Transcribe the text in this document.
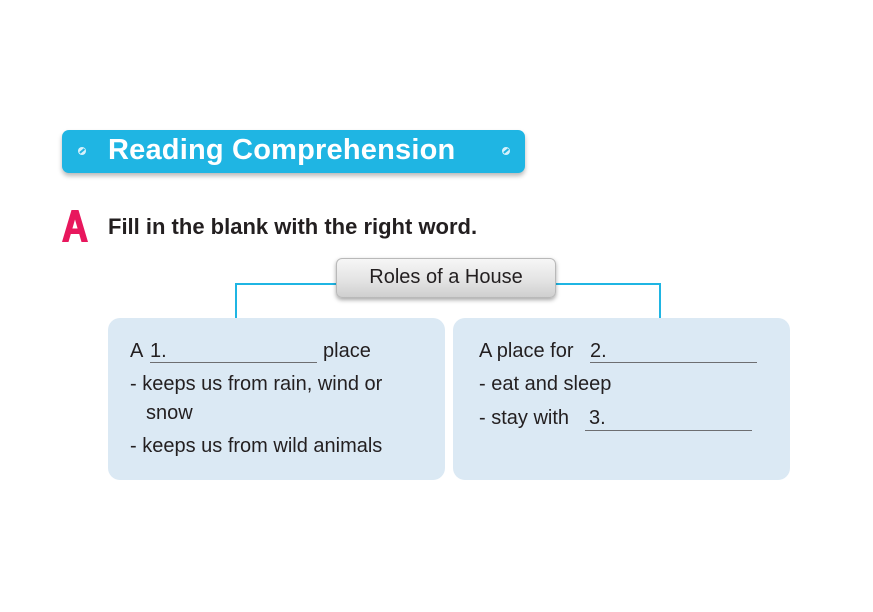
Reading Comprehension
Fill in the blank with the right word.
Roles of a House
A 1.	place
- keeps us from rain, wind or
snow
- keeps us from wild animals
A place for 2.
- eat and sleep
- stay with 3.
